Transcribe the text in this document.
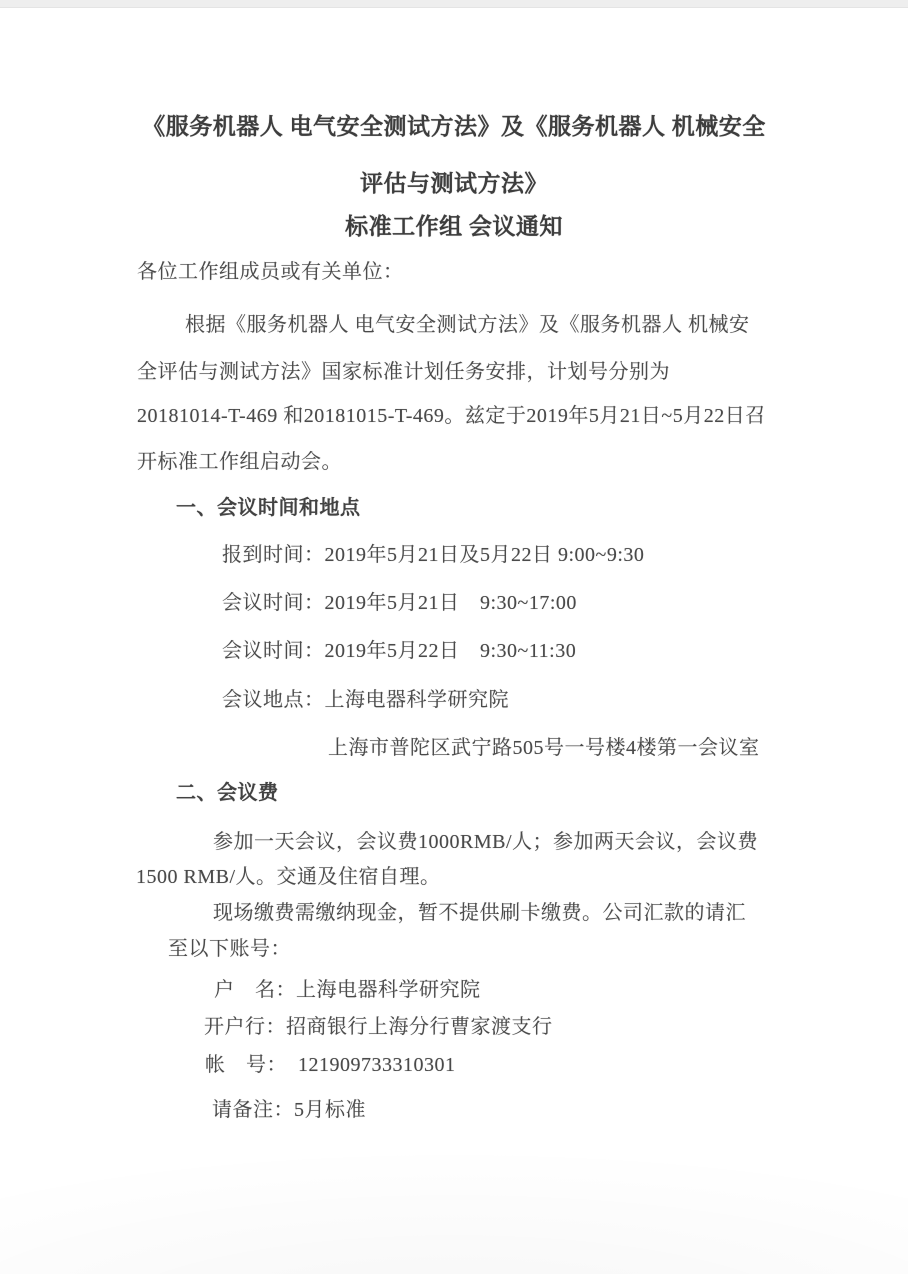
《服务机器人 电气安全测试方法》及《服务机器人 机械安全
评估与测试方法》
标准工作组 会议通知
各位工作组成员或有关单位：
根据《服务机器人 电气安全测试方法》及《服务机器人 机械安
全评估与测试方法》国家标准计划任务安排，计划号分别为
20181014-T-469 和20181015-T-469。兹定于2019年5月21日~5月22日召
开标准工作组启动会。
一、会议时间和地点
报到时间：2019年5月21日及5月22日 9:00~9:30
会议时间：2019年5月21日　9:30~17:00
会议时间：2019年5月22日　9:30~11:30
会议地点：上海电器科学研究院
上海市普陀区武宁路505号一号楼4楼第一会议室
二、会议费
参加一天会议，会议费1000RMB/人；参加两天会议，会议费
1500 RMB/人。交通及住宿自理。
现场缴费需缴纳现金，暂不提供刷卡缴费。公司汇款的请汇
至以下账号：
户　名：上海电器科学研究院
开户行：招商银行上海分行曹家渡支行
帐　号：  121909733310301
请备注：5月标准
